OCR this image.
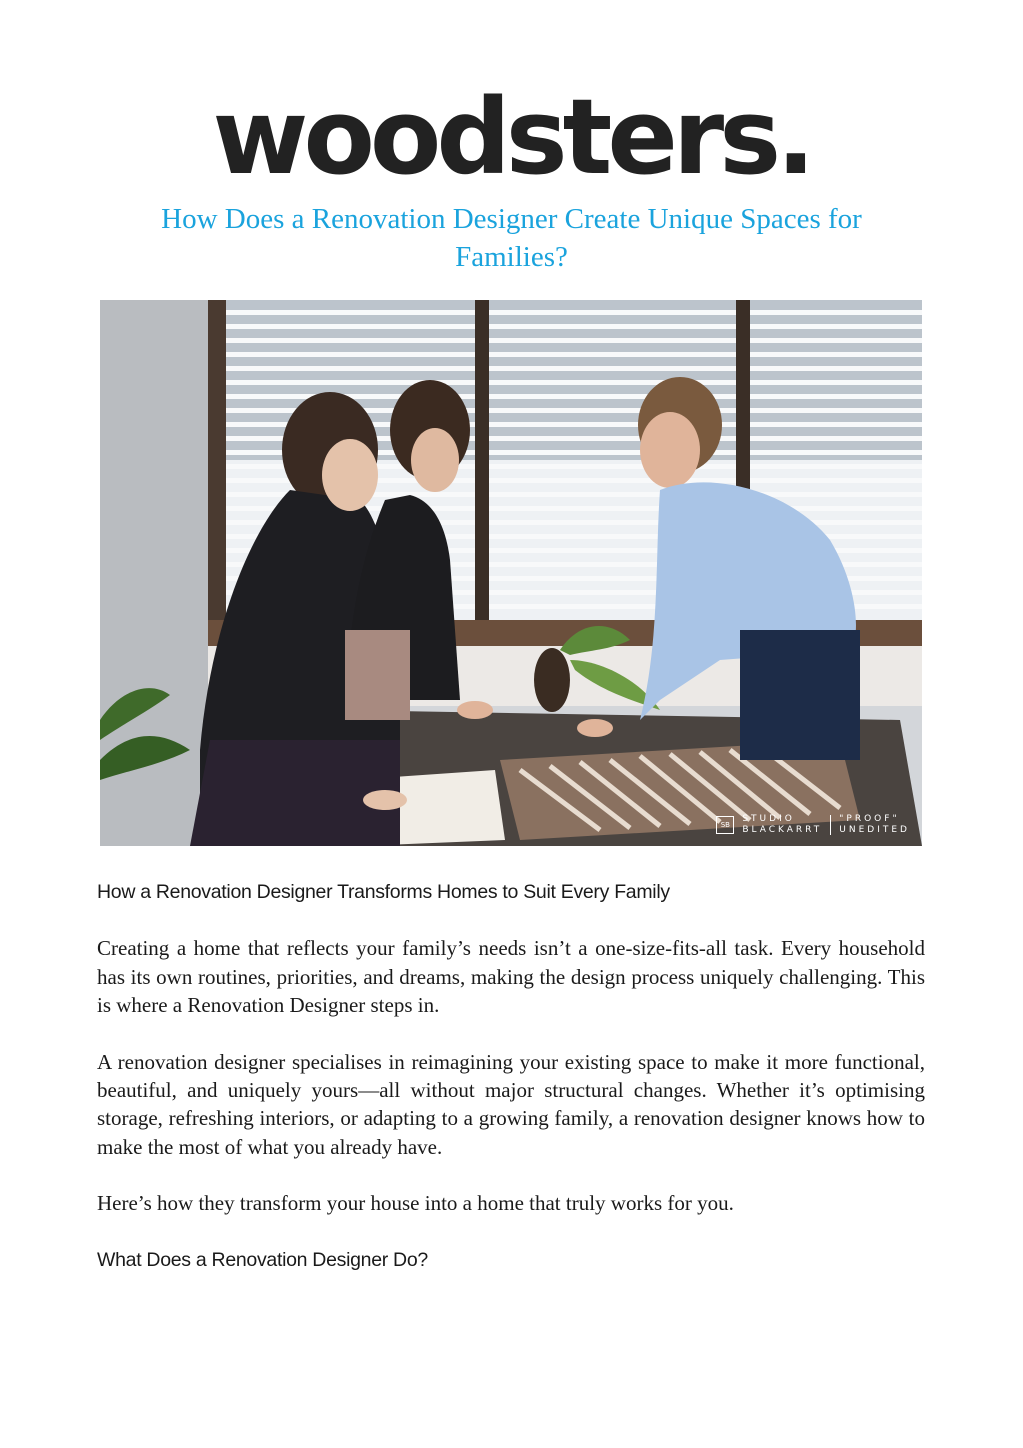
woodsters.
How Does a Renovation Designer Create Unique Spaces for Families?
SB
STUDIO
BLACKARRT
"PROOF"
UNEDITED
How a Renovation Designer Transforms Homes to Suit Every Family

Creating a home that reflects your family’s needs isn’t a one-size-fits-all task. Every household has its own routines, priorities, and dreams, making the design process uniquely challenging. This is where a Renovation Designer steps in.

A renovation designer specialises in reimagining your existing space to make it more functional, beautiful, and uniquely yours—all without major structural changes. Whether it’s optimising storage, refreshing interiors, or adapting to a growing family, a renovation designer knows how to make the most of what you already have.

Here’s how they transform your house into a home that truly works for you.

What Does a Renovation Designer Do?
